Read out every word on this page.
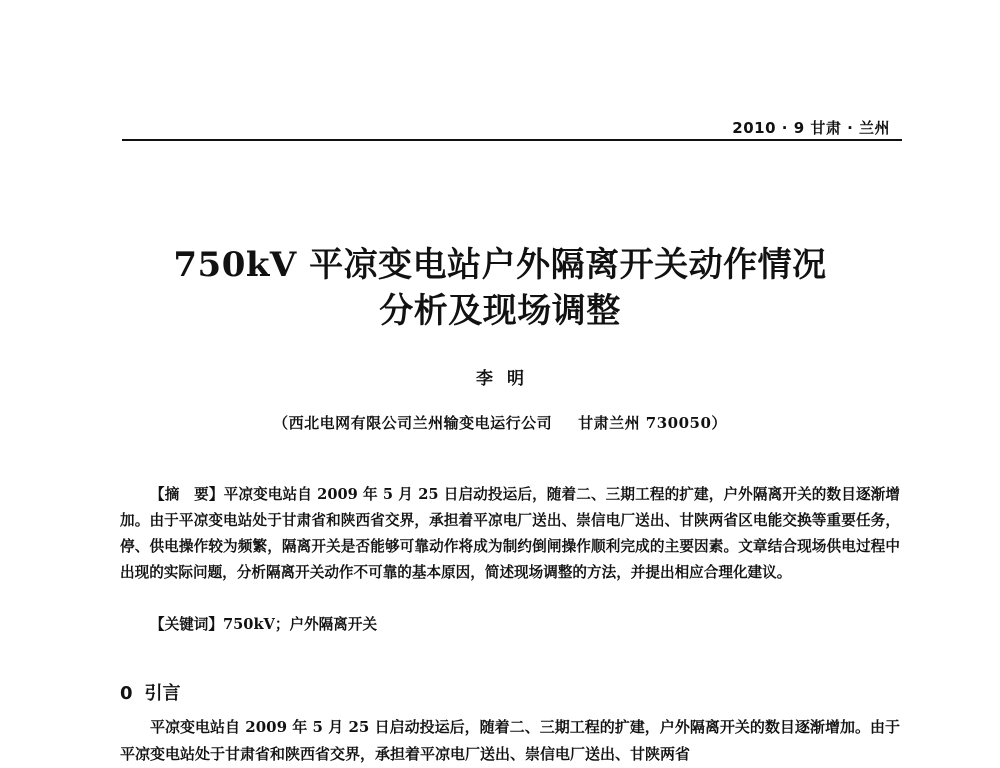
2010 · 9 甘肃 · 兰州
750kV 平凉变电站户外隔离开关动作情况
分析及现场调整
李明
（西北电网有限公司兰州输变电运行公司 甘肃兰州 730050）
【摘　要】平凉变电站自 2009 年 5 月 25 日启动投运后，随着二、三期工程的扩建，户外隔离开关的数目逐渐增加。由于平凉变电站处于甘肃省和陕西省交界，承担着平凉电厂送出、崇信电厂送出、甘陕两省区电能交换等重要任务，停、供电操作较为频繁，隔离开关是否能够可靠动作将成为制约倒闸操作顺利完成的主要因素。文章结合现场供电过程中出现的实际问题，分析隔离开关动作不可靠的基本原因，简述现场调整的方法，并提出相应合理化建议。
【关键词】750kV；户外隔离开关
0 引言
平凉变电站自 2009 年 5 月 25 日启动投运后，随着二、三期工程的扩建，户外隔离开关的数目逐渐增加。由于平凉变电站处于甘肃省和陕西省交界，承担着平凉电厂送出、崇信电厂送出、甘陕两省
